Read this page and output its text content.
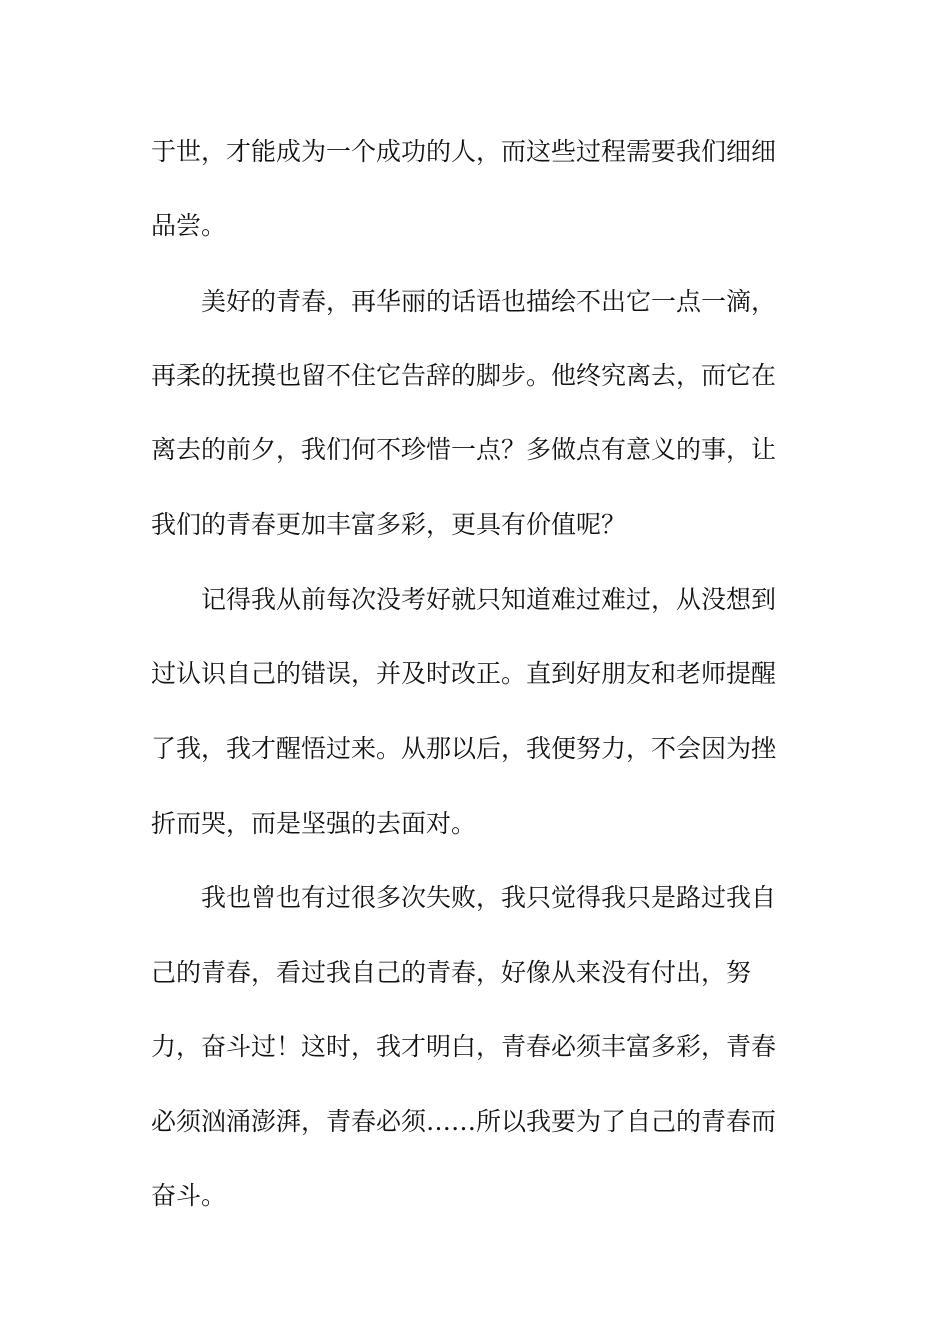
于世，才能成为一个成功的人，而这些过程需要我们细细
品尝。
美好的青春，再华丽的话语也描绘不出它一点一滴，
再柔的抚摸也留不住它告辞的脚步。他终究离去，而它在
离去的前夕，我们何不珍惜一点？多做点有意义的事，让
我们的青春更加丰富多彩，更具有价值呢？
记得我从前每次没考好就只知道难过难过，从没想到
过认识自己的错误，并及时改正。直到好朋友和老师提醒
了我，我才醒悟过来。从那以后，我便努力，不会因为挫
折而哭，而是坚强的去面对。
我也曾也有过很多次失败，我只觉得我只是路过我自
己的青春，看过我自己的青春，好像从来没有付出，努
力，奋斗过！这时，我才明白，青春必须丰富多彩，青春
必须汹涌澎湃，青春必须……所以我要为了自己的青春而
奋斗。
